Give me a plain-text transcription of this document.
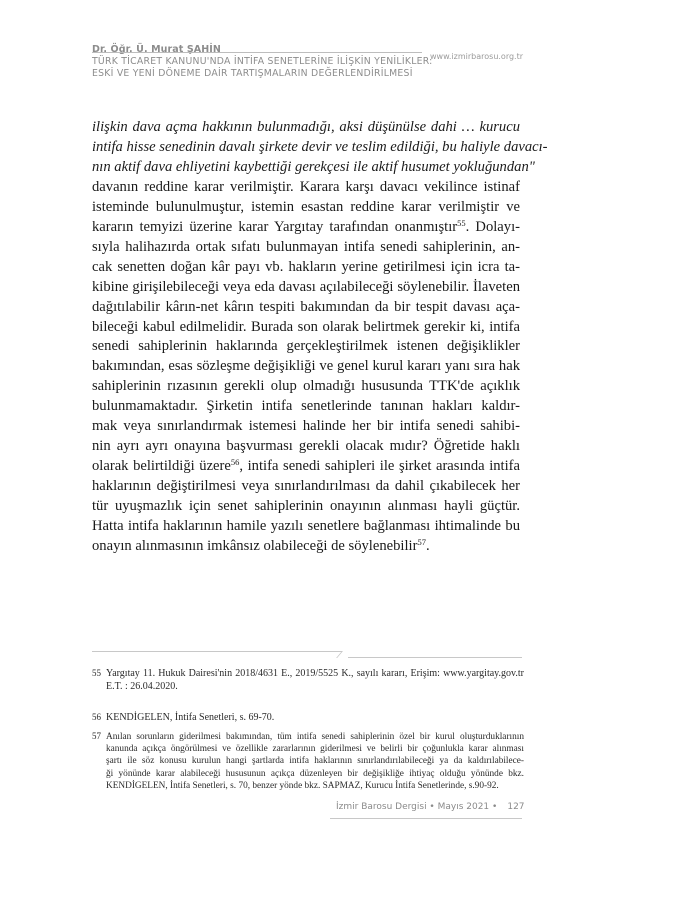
Dr. Öğr. Ü. Murat ŞAHİN
www.izmirbarosu.org.tr
TÜRK TİCARET KANUNU'NDA İNTİFA SENETLERİNE İLİŞKİN YENİLİKLER:
ESKİ VE YENİ DÖNEME DAİR TARTIŞMALARIN DEĞERLENDİRİLMESİ
ilişkin dava açma hakkının bulunmadığı, aksi düşünülse dahi … kurucu
intifa hisse senedinin davalı şirkete devir ve teslim edildiği, bu haliyle davacı-
nın aktif dava ehliyetini kaybettiği gerekçesi ile aktif husumet yokluğundan"
davanın reddine karar verilmiştir. Karara karşı davacı vekilince istinaf
isteminde bulunulmuştur, istemin esastan reddine karar verilmiştir ve
kararın temyizi üzerine karar Yargıtay tarafından onanmıştır$^{55}$. Dolayı-
sıyla halihazırda ortak sıfatı bulunmayan intifa senedi sahiplerinin, an-
cak senetten doğan kâr payı vb. hakların yerine getirilmesi için icra ta-
kibine girişilebileceği veya eda davası açılabileceği söylenebilir. İlaveten
dağıtılabilir kârın-net kârın tespiti bakımından da bir tespit davası aça-
bileceği kabul edilmelidir. Burada son olarak belirtmek gerekir ki, intifa
senedi sahiplerinin haklarında gerçekleştirilmek istenen değişiklikler
bakımından, esas sözleşme değişikliği ve genel kurul kararı yanı sıra hak
sahiplerinin rızasının gerekli olup olmadığı hususunda TTK'de açıklık
bulunmamaktadır. Şirketin intifa senetlerinde tanınan hakları kaldır-
mak veya sınırlandırmak istemesi halinde her bir intifa senedi sahibi-
nin ayrı ayrı onayına başvurması gerekli olacak mıdır? Öğretide haklı
olarak belirtildiği üzere$^{56}$, intifa senedi sahipleri ile şirket arasında intifa
haklarının değiştirilmesi veya sınırlandırılması da dahil çıkabilecek her
tür uyuşmazlık için senet sahiplerinin onayının alınması hayli güçtür.
Hatta intifa haklarının hamile yazılı senetlere bağlanması ihtimalinde bu
onayın alınmasının imkânsız olabileceği de söylenebilir$^{57}$.
55 Yargıtay 11. Hukuk Dairesi'nin 2018/4631 E., 2019/5525 K., sayılı kararı, Erişim: www.yargitay.gov.tr
E.T. : 26.04.2020.
56 KENDİGELEN, İntifa Senetleri, s. 69-70.
57 Anılan sorunların giderilmesi bakımından, tüm intifa senedi sahiplerinin özel bir kurul oluşturduklarının
kanunda açıkça öngörülmesi ve özellikle zararlarının giderilmesi ve belirli bir çoğunlukla karar alınması
şartı ile söz konusu kurulun hangi şartlarda intifa haklarının sınırlandırılabileceği ya da kaldırılabilece-
ği yönünde karar alabileceği hususunun açıkça düzenleyen bir değişikliğe ihtiyaç olduğu yönünde bkz.
KENDİGELEN, İntifa Senetleri, s. 70, benzer yönde bkz. SAPMAZ, Kurucu İntifa Senetlerinde, s.90-92.
İzmir Barosu Dergisi • Mayıs 2021 • 127
